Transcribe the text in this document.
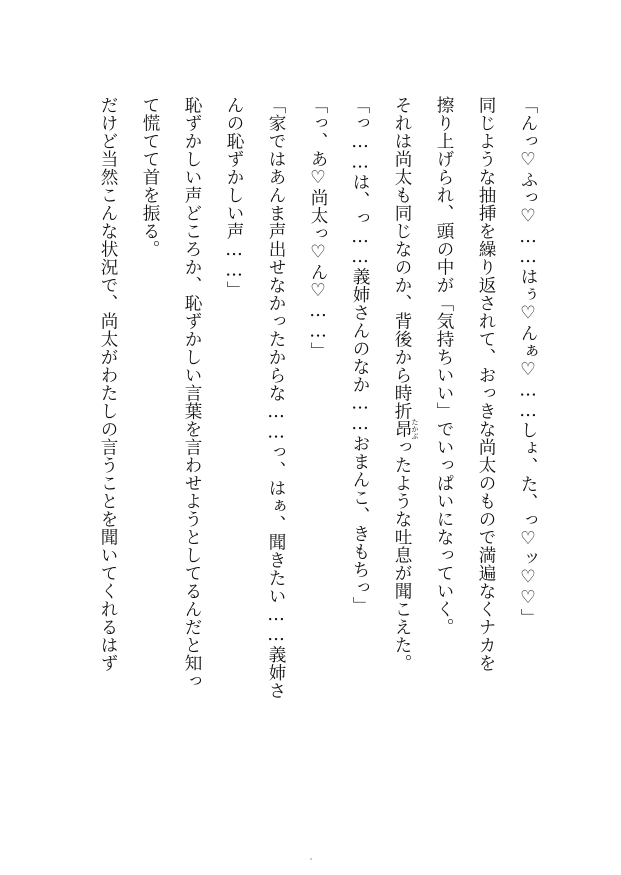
「んっ♡ふっ♡……はぅ♡んぁ♡……しょ、た、っ♡ッ♡♡」
同じような抽挿を繰り返されて、おっきな尚太のもので満遍なくナカを
擦り上げられ、頭の中が「気持ちいい」でいっぱいになっていく。
それは尚太も同じなのか、背後から時折昂 たかぶったような吐息が聞こえた。
「っ……は、っ……義姉さんのなか……おまんこ、きもちっ」
「っ、あ♡尚太っ♡ん♡……」
「家ではあんま声出せなかったからな……っ、はぁ、聞きたい……義姉さ
んの恥ずかしい声……」
恥ずかしい声どころか、恥ずかしい言葉を言わせようとしてるんだと知っ
て慌てて首を振る。
だけど当然こんな状況で、尚太がわたしの言うことを聞いてくれるはず
